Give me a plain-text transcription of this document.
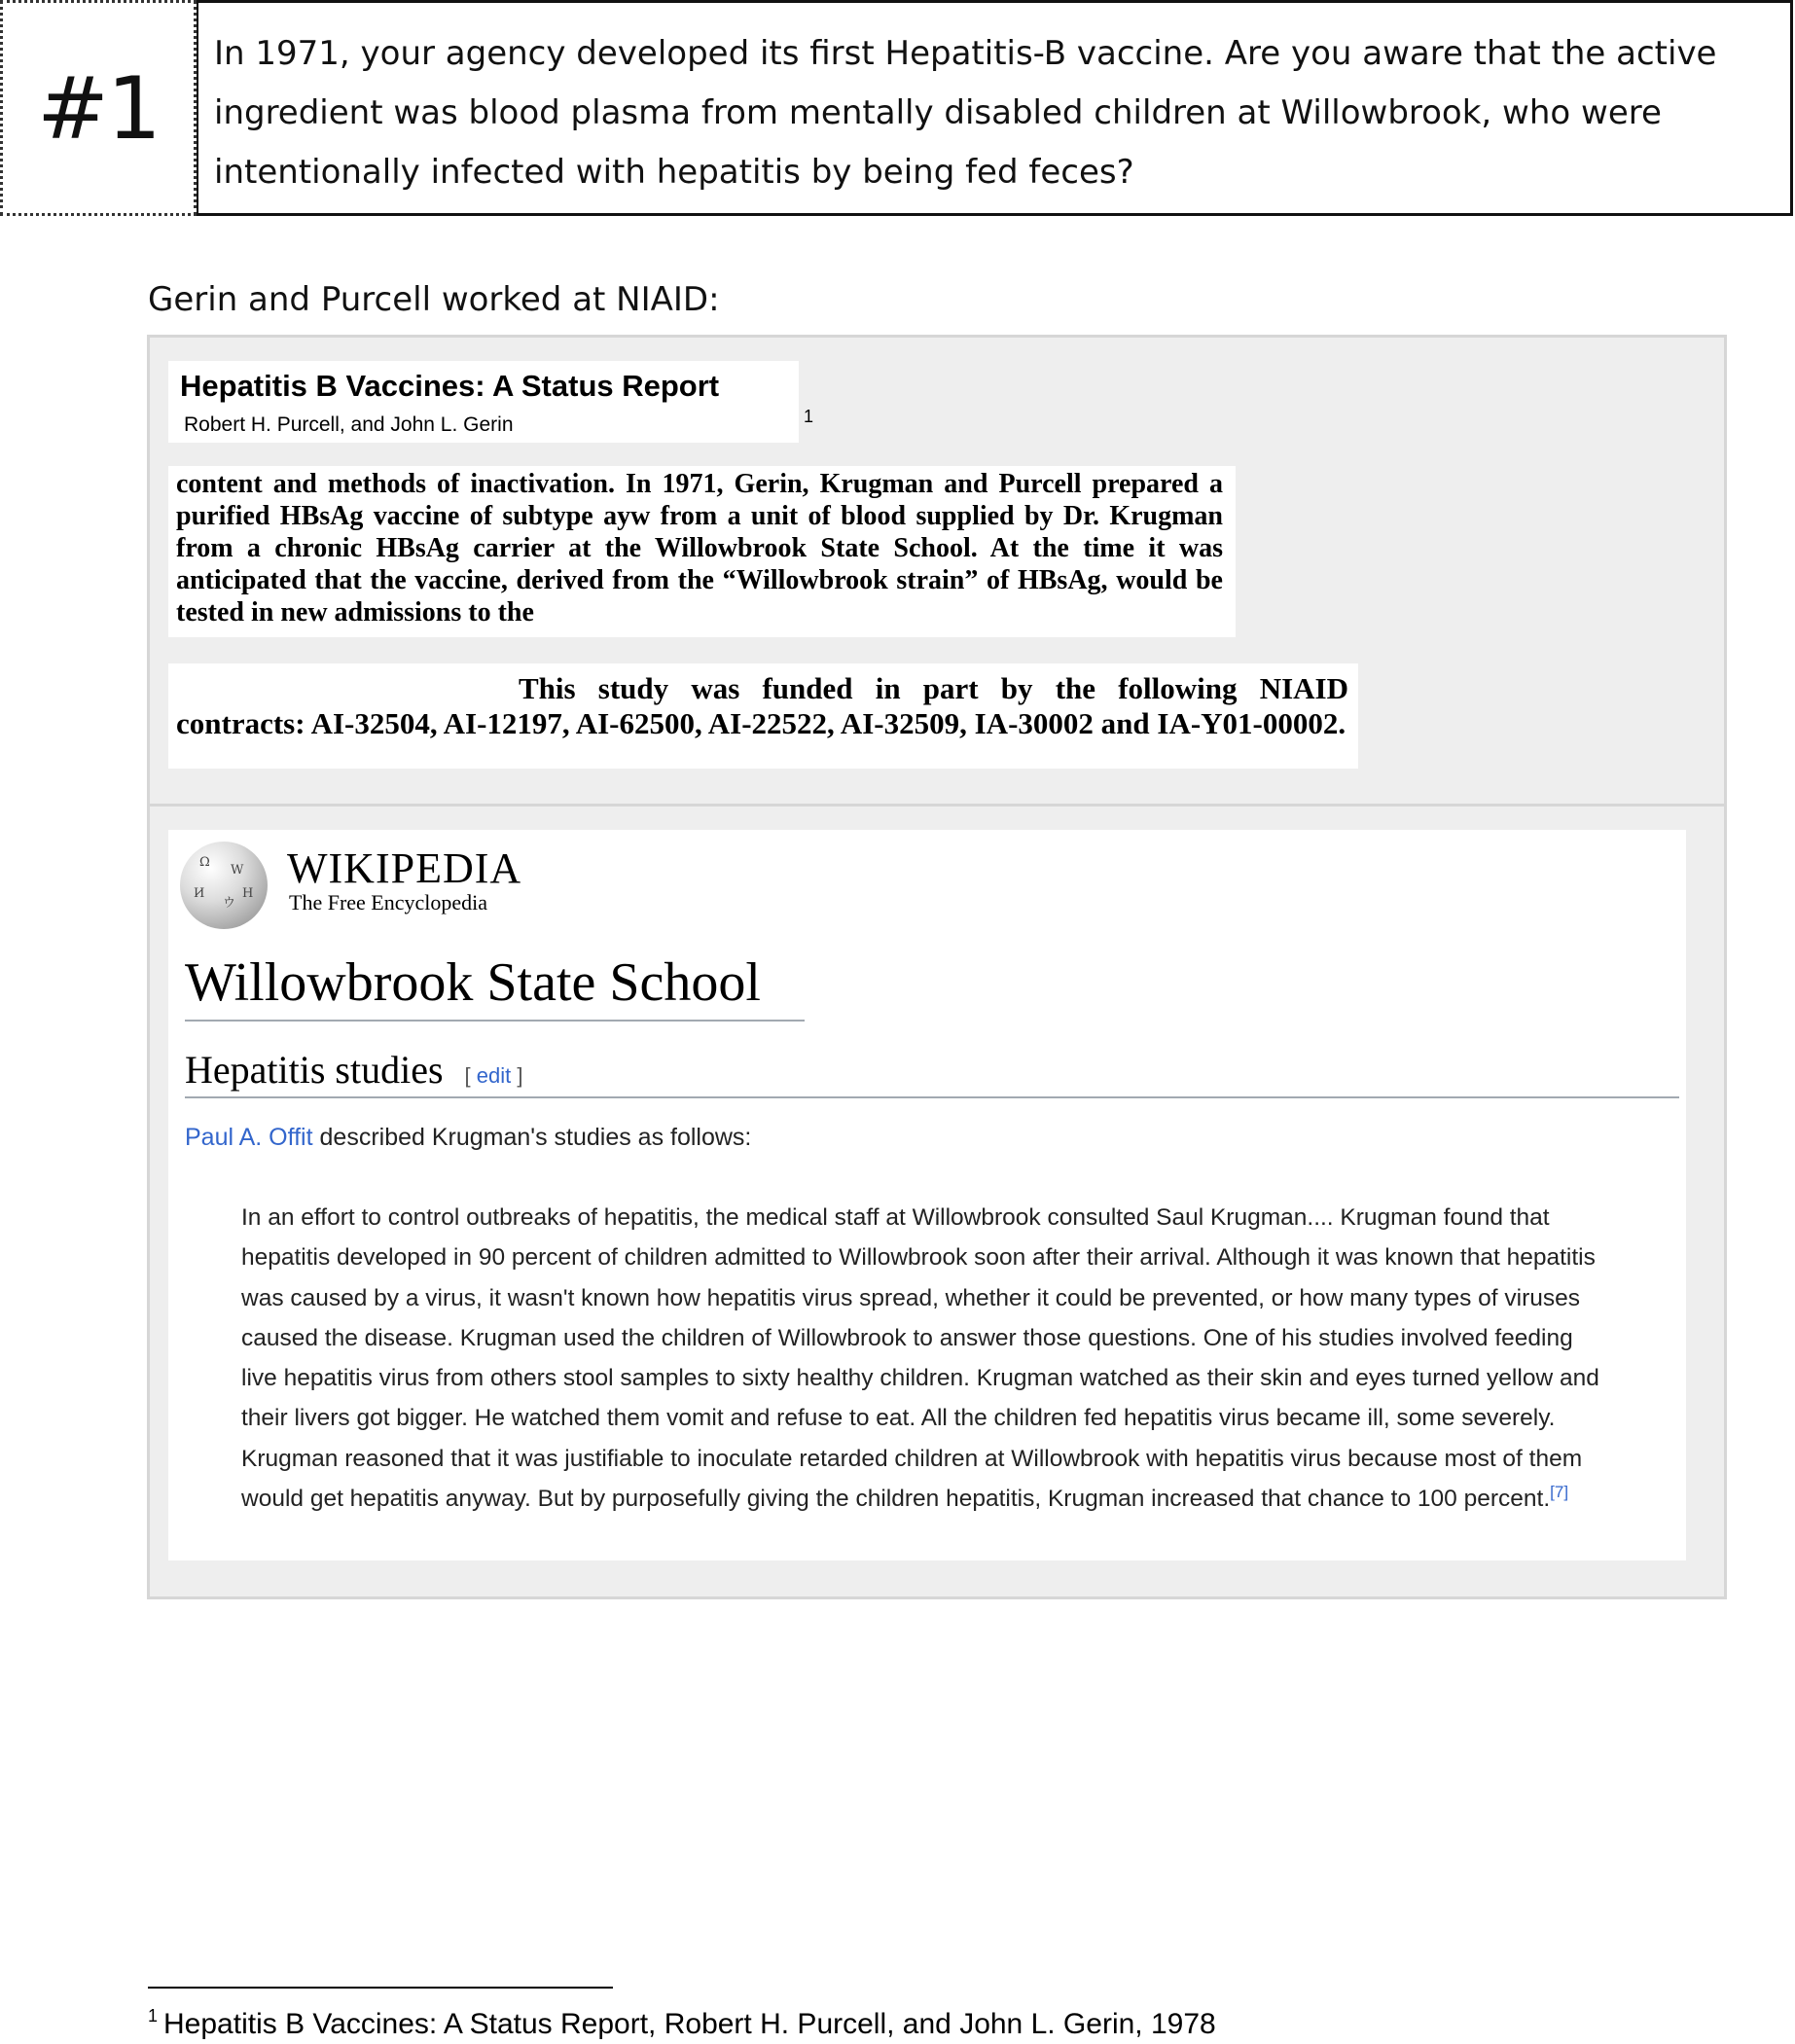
#1
In 1971, your agency developed its first Hepatitis-B vaccine. Are you aware that the active ingredient was blood plasma from mentally disabled children at Willowbrook, who were intentionally infected with hepatitis by being fed feces?
Gerin and Purcell worked at NIAID:
Hepatitis B Vaccines: A Status Report
Robert H. Purcell, and John L. Gerin	1
content and methods of inactivation. In 1971, Gerin, Krugman and Purcell prepared a purified HBsAg vaccine of subtype ayw from a unit of blood supplied by Dr. Krugman from a chronic HBsAg carrier at the Willowbrook State School. At the time it was anticipated that the vaccine, derived from the “Willowbrook strain” of HBsAg, would be tested in new admissions to the
This study was funded in part by the following NIAID contracts: AI-32504, AI-12197, AI-62500, AI-22522, AI-32509, IA-30002 and IA-Y01-00002.
Ω
W
И
ウ
H
WIKIPEDIA
The Free Encyclopedia
Willowbrook State School
Hepatitis studies [ edit ]
Paul A. Offit described Krugman's studies as follows:
In an effort to control outbreaks of hepatitis, the medical staff at Willowbrook consulted Saul Krugman.... Krugman found that hepatitis developed in 90 percent of children admitted to Willowbrook soon after their arrival. Although it was known that hepatitis was caused by a virus, it wasn't known how hepatitis virus spread, whether it could be prevented, or how many types of viruses caused the disease. Krugman used the children of Willowbrook to answer those questions. One of his studies involved feeding live hepatitis virus from others stool samples to sixty healthy children. Krugman watched as their skin and eyes turned yellow and their livers got bigger. He watched them vomit and refuse to eat. All the children fed hepatitis virus became ill, some severely. Krugman reasoned that it was justifiable to inoculate retarded children at Willowbrook with hepatitis virus because most of them would get hepatitis anyway. But by purposefully giving the children hepatitis, Krugman increased that chance to 100 percent.[7]
$^1$ Hepatitis B Vaccines: A Status Report, Robert H. Purcell, and John L. Gerin, 1978
